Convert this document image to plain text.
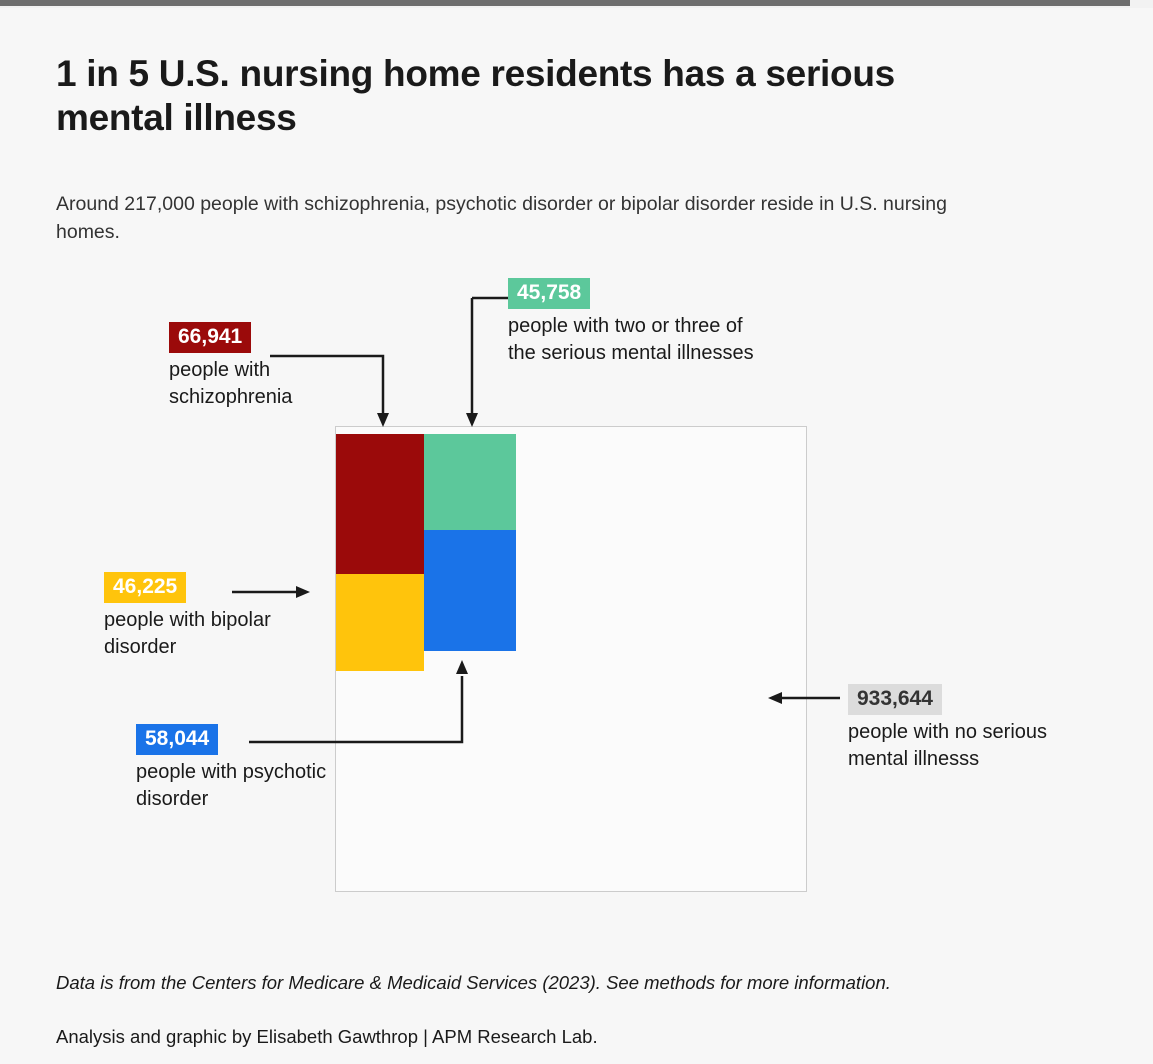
1 in 5 U.S. nursing home residents has a serious mental illness
Around 217,000 people with schizophrenia, psychotic disorder or bipolar disorder reside in U.S. nursing homes.
66,941
people with schizophrenia
45,758
people with two or three of the serious mental illnesses
46,225
people with bipolar disorder
58,044
people with psychotic disorder
933,644
people with no serious mental illnesss
Data is from the Centers for Medicare & Medicaid Services (2023). See methods for more information.
Analysis and graphic by Elisabeth Gawthrop | APM Research Lab.
